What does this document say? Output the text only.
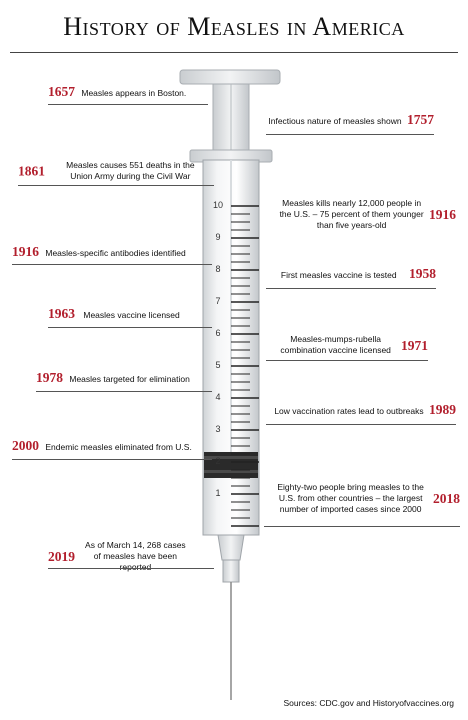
History of Measles in America
10
9
8
7
6
5
4
3
2
1
1657 Measles appears in Boston.
Infectious nature of measles shown 1757
1861 Measles causes 551 deaths in the Union Army during the Civil War
Measles kills nearly 12,000 people in the U.S. – 75 percent of them younger than five years-old 1916
1916 Measles-specific antibodies identified
First measles vaccine is tested 1958
1963 Measles vaccine licensed
Measles-mumps-rubella combination vaccine licensed 1971
1978 Measles targeted for elimination
Low vaccination rates lead to outbreaks 1989
2000 Endemic measles eliminated from U.S.
Eighty-two people bring measles to the U.S. from other countries – the largest number of imported cases since 2000 2018
2019 As of March 14, 268 cases of measles have been reported
Sources: CDC.gov and Historyofvaccines.org
